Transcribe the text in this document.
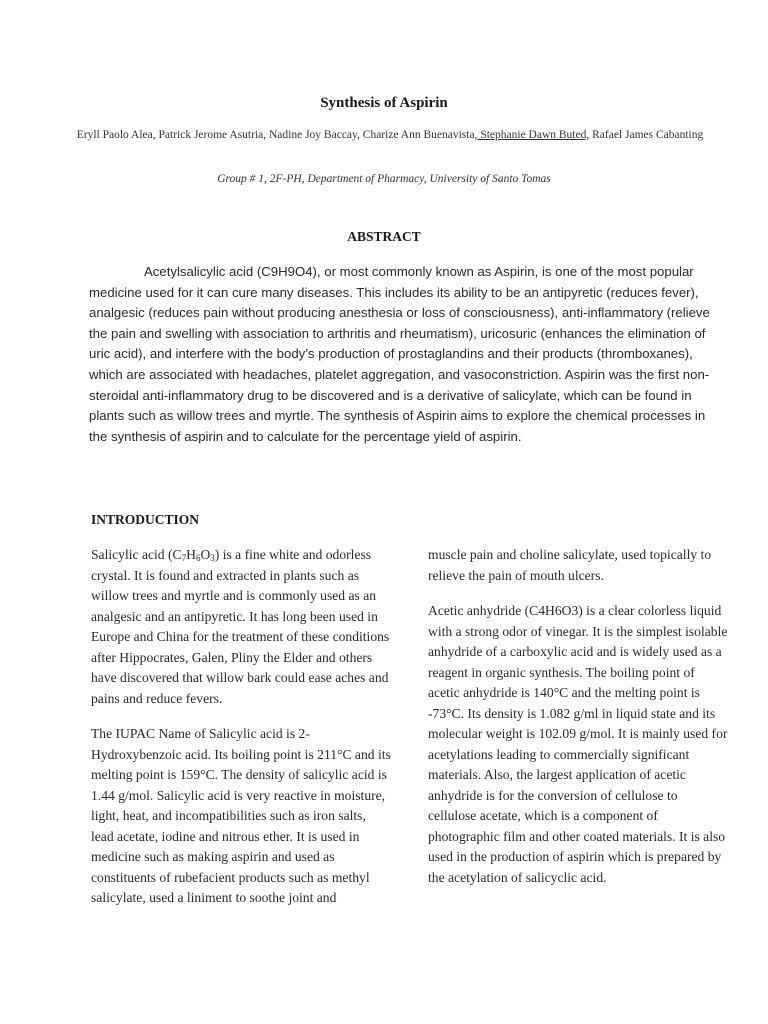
Synthesis of Aspirin
Eryll Paolo Alea, Patrick Jerome Asutria, Nadine Joy Baccay, Charize Ann Buenavista, Stephanie Dawn Buted, Rafael James Cabanting
Group # 1, 2F-PH, Department of Pharmacy, University of Santo Tomas
ABSTRACT
Acetylsalicylic acid (C9H9O4), or most commonly known as Aspirin, is one of the most popular medicine used for it can cure many diseases. This includes its ability to be an antipyretic (reduces fever), analgesic (reduces pain without producing anesthesia or loss of consciousness), anti-inflammatory (relieve the pain and swelling with association to arthritis and rheumatism), uricosuric (enhances the elimination of uric acid), and interfere with the body’s production of prostaglandins and their products (thromboxanes), which are associated with headaches, platelet aggregation, and vasoconstriction. Aspirin was the first non-steroidal anti-inflammatory drug to be discovered and is a derivative of salicylate, which can be found in plants such as willow trees and myrtle. The synthesis of Aspirin aims to explore the chemical processes in the synthesis of aspirin and to calculate for the percentage yield of aspirin.
INTRODUCTION

Salicylic acid $(C_7H_6O_3)$ is a fine white and odorless crystal. It is found and extracted in plants such as willow trees and myrtle and is commonly used as an analgesic and an antipyretic. It has long been used in Europe and China for the treatment of these conditions after Hippocrates, Galen, Pliny the Elder and others have discovered that willow bark could ease aches and pains and reduce fevers.

The IUPAC Name of Salicylic acid is 2-Hydroxybenzoic acid. Its boiling point is 211°C and its melting point is 159°C. The density of salicylic acid is 1.44 g/mol. Salicylic acid is very reactive in moisture, light, heat, and incompatibilities such as iron salts, lead acetate, iodine and nitrous ether. It is used in medicine such as making aspirin and used as constituents of rubefacient products such as methyl salicylate, used a liniment to soothe joint and

muscle pain and choline salicylate, used topically to relieve the pain of mouth ulcers.

Acetic anhydride (C4H6O3) is a clear colorless liquid with a strong odor of vinegar. It is the simplest isolable anhydride of a carboxylic acid and is widely used as a reagent in organic synthesis. The boiling point of acetic anhydride is 140°C and the melting point is -73°C. Its density is 1.082 g/ml in liquid state and its molecular weight is 102.09 g/mol. It is mainly used for acetylations leading to commercially significant materials. Also, the largest application of acetic anhydride is for the conversion of cellulose to cellulose acetate, which is a component of photographic film and other coated materials. It is also used in the production of aspirin which is prepared by the acetylation of salicyclic acid.
